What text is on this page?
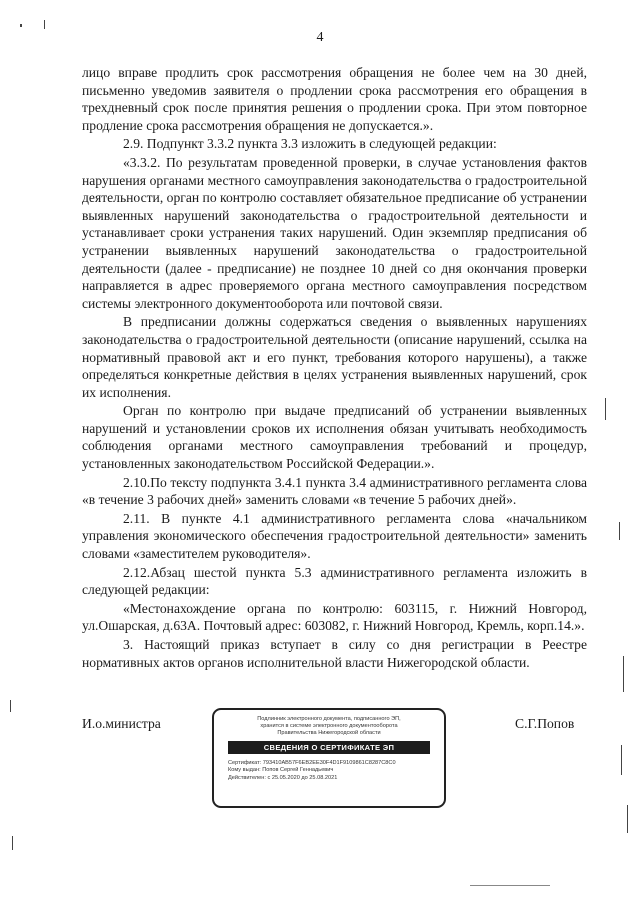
4

лицо вправе продлить срок рассмотрения обращения не более чем на 30 дней, письменно уведомив заявителя о продлении срока рассмотрения его обращения в трехдневный срок после принятия решения о продлении срока. При этом повторное продление срока рассмотрения обращения не допускается.».

2.9. Подпункт 3.3.2 пункта 3.3 изложить в следующей редакции:

«3.3.2. По результатам проведенной проверки, в случае установления фактов нарушения органами местного самоуправления законодательства о градостроительной деятельности, орган по контролю составляет обязательное предписание об устранении выявленных нарушений законодательства о градостроительной деятельности и устанавливает сроки устранения таких нарушений. Один экземпляр предписания об устранении выявленных нарушений законодательства о градостроительной деятельности (далее - предписание) не позднее 10 дней со дня окончания проверки направляется в адрес проверяемого органа местного самоуправления посредством системы электронного документооборота или почтовой связи.

В предписании должны содержаться сведения о выявленных нарушениях законодательства о градостроительной деятельности (описание нарушений, ссылка на нормативный правовой акт и его пункт, требования которого нарушены), а также определяться конкретные действия в целях устранения выявленных нарушений, срок их исполнения.

Орган по контролю при выдаче предписаний об устранении выявленных нарушений и установлении сроков их исполнения обязан учитывать необходимость соблюдения органами местного самоуправления требований и процедур, установленных законодательством Российской Федерации.».

2.10.По тексту подпункта 3.4.1 пункта 3.4 административного регламента слова «в течение 3 рабочих дней» заменить словами «в течение 5 рабочих дней».

2.11. В пункте 4.1 административного регламента слова «начальником управления экономического обеспечения градостроительной деятельности» заменить словами «заместителем руководителя».

2.12.Абзац шестой пункта 5.3 административного регламента изложить в следующей редакции:

«Местонахождение органа по контролю: 603115, г. Нижний Новгород, ул.Ошарская, д.63А. Почтовый адрес: 603082, г. Нижний Новгород, Кремль, корп.14.».

3. Настоящий приказ вступает в силу со дня регистрации в Реестре нормативных актов органов исполнительной власти Нижегородской области.

И.о.министра	Подлинник электронного документа, подписанного ЭП,
хранится в системе электронного документооборота
Правительства Нижегородской области
СВЕДЕНИЯ О СЕРТИФИКАТЕ ЭП
Сертификат: 793410AB57F6EB2EE30F4D1F9109861C8287C8C0
Кому выдан: Попов Сергей Геннадьевич
Действителен: с 25.05.2020 до 25.08.2021
С.Г.Попов
